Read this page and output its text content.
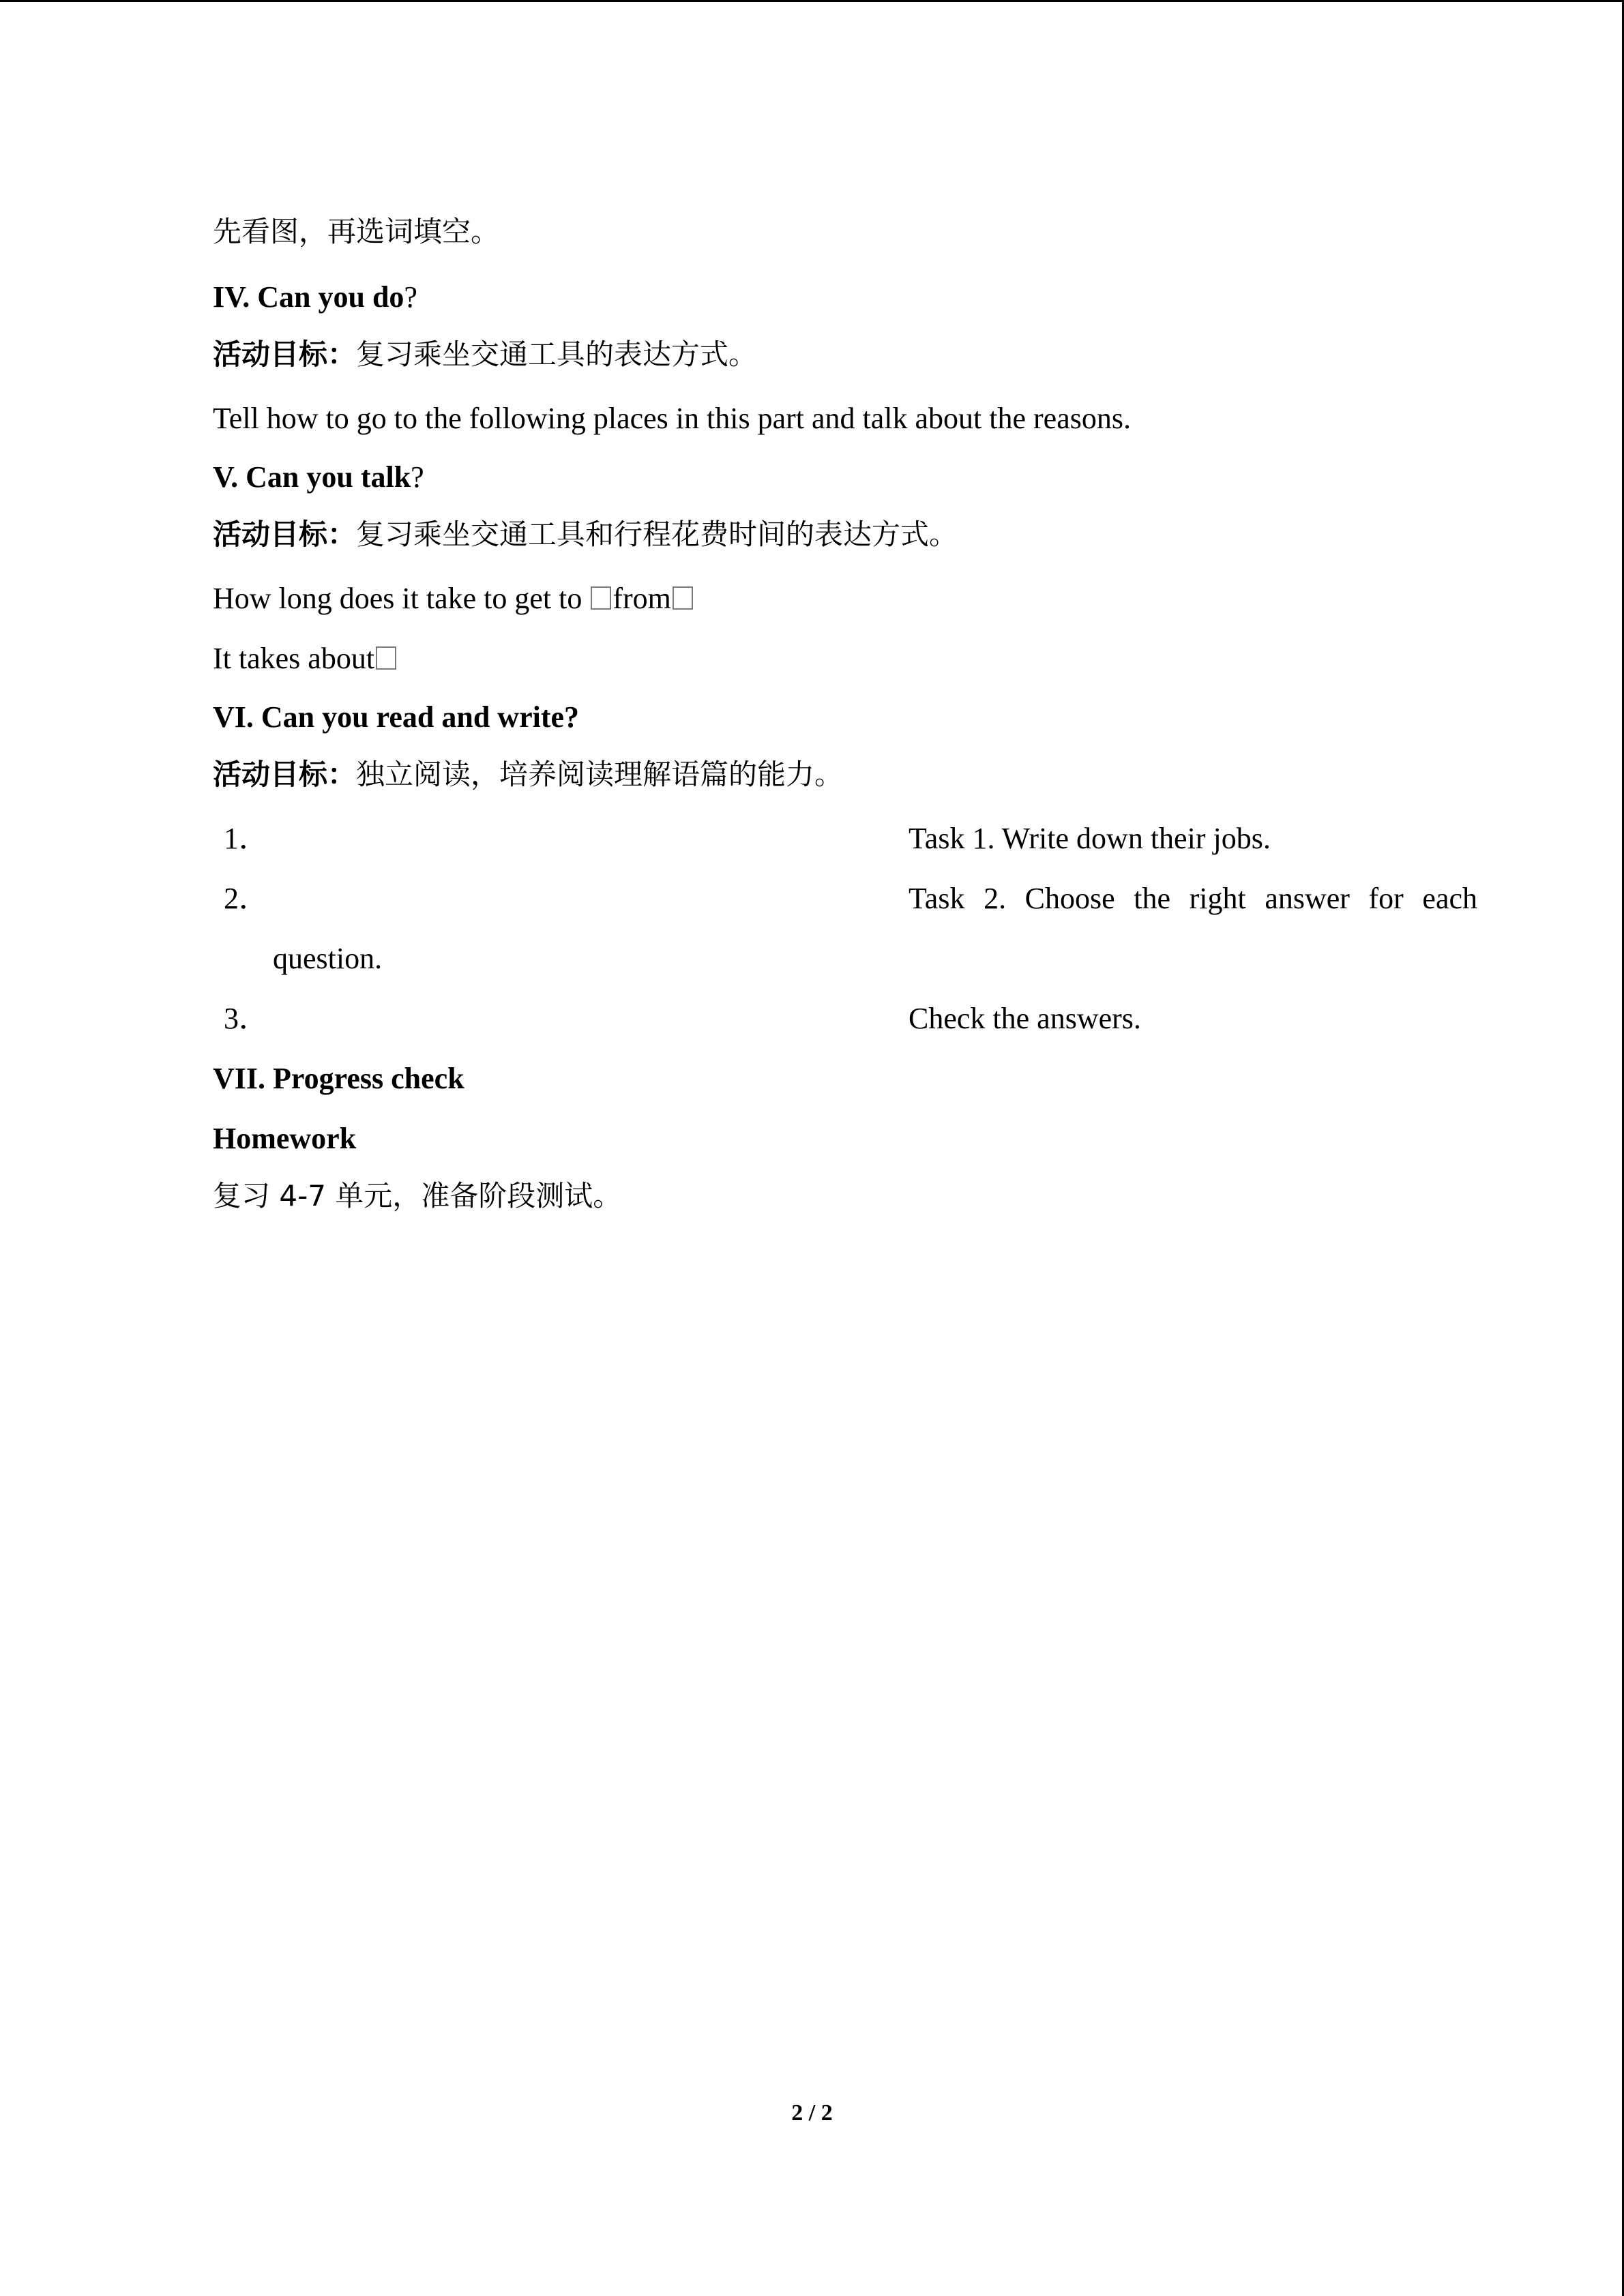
先看图，再选词填空。
IV. Can you do?
活动目标：复习乘坐交通工具的表达方式。
Tell how to go to the following places in this part and talk about the reasons.
V. Can you talk?
活动目标：复习乘坐交通工具和行程花费时间的表达方式。
How long does it take to get to from
It takes about
VI. Can you read and write?
活动目标：独立阅读，培养阅读理解语篇的能力。
1．	Task 1. Write down their jobs.
2．	Task 2. Choose the right answer for each
question.
3．	Check the answers.
VII. Progress check
Homework
复习 4-7 单元，准备阶段测试。
2 / 2
